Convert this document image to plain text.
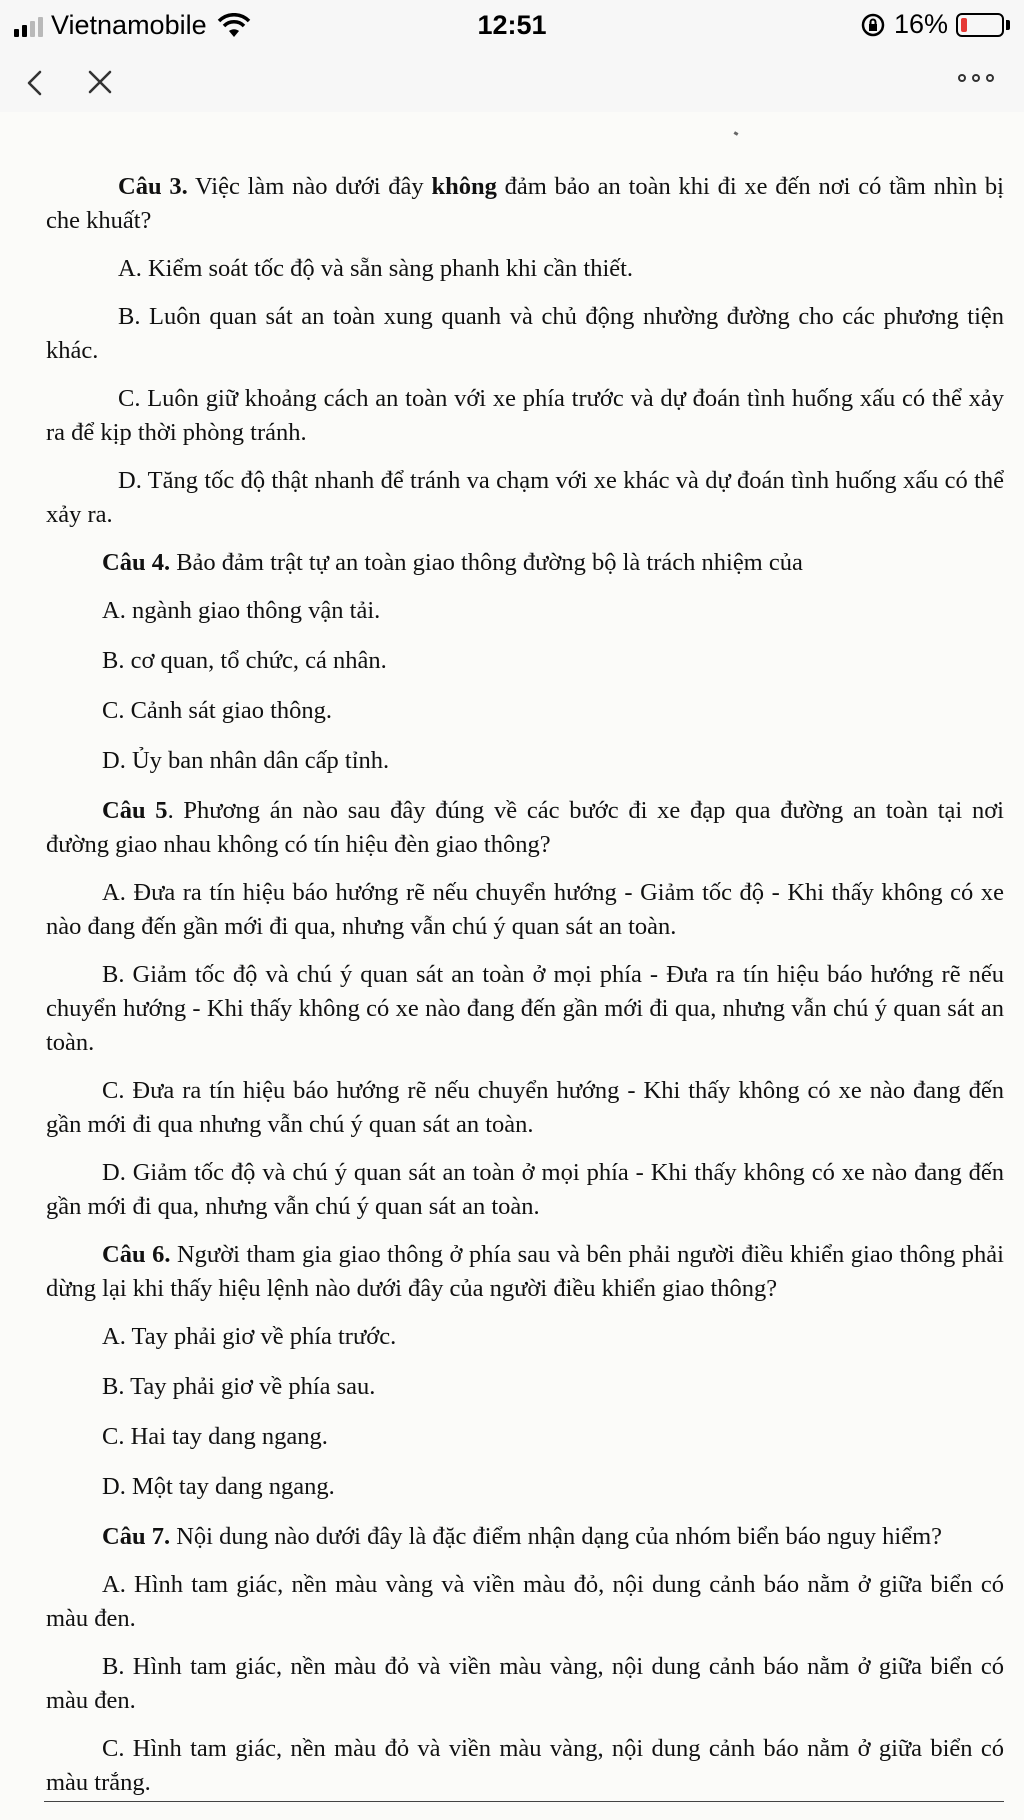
Vietnamobile	12:51	16%

Câu 3. Việc làm nào dưới đây không đảm bảo an toàn khi đi xe đến nơi có tầm nhìn bị che khuất?

A. Kiểm soát tốc độ và sẵn sàng phanh khi cần thiết.

B. Luôn quan sát an toàn xung quanh và chủ động nhường đường cho các phương tiện khác.

C. Luôn giữ khoảng cách an toàn với xe phía trước và dự đoán tình huống xấu có thể xảy ra để kịp thời phòng tránh.

D. Tăng tốc độ thật nhanh để tránh va chạm với xe khác và dự đoán tình huống xấu có thể xảy ra.

Câu 4. Bảo đảm trật tự an toàn giao thông đường bộ là trách nhiệm của

A. ngành giao thông vận tải.

B. cơ quan, tổ chức, cá nhân.

C. Cảnh sát giao thông.

D. Ủy ban nhân dân cấp tỉnh.

Câu 5. Phương án nào sau đây đúng về các bước đi xe đạp qua đường an toàn tại nơi đường giao nhau không có tín hiệu đèn giao thông?

A. Đưa ra tín hiệu báo hướng rẽ nếu chuyển hướng - Giảm tốc độ - Khi thấy không có xe nào đang đến gần mới đi qua, nhưng vẫn chú ý quan sát an toàn.

B. Giảm tốc độ và chú ý quan sát an toàn ở mọi phía - Đưa ra tín hiệu báo hướng rẽ nếu chuyển hướng - Khi thấy không có xe nào đang đến gần mới đi qua, nhưng vẫn chú ý quan sát an toàn.

C. Đưa ra tín hiệu báo hướng rẽ nếu chuyển hướng - Khi thấy không có xe nào đang đến gần mới đi qua nhưng vẫn chú ý quan sát an toàn.

D. Giảm tốc độ và chú ý quan sát an toàn ở mọi phía - Khi thấy không có xe nào đang đến gần mới đi qua, nhưng vẫn chú ý quan sát an toàn.

Câu 6. Người tham gia giao thông ở phía sau và bên phải người điều khiển giao thông phải dừng lại khi thấy hiệu lệnh nào dưới đây của người điều khiển giao thông?

A. Tay phải giơ về phía trước.

B. Tay phải giơ về phía sau.

C. Hai tay dang ngang.

D. Một tay dang ngang.

Câu 7. Nội dung nào dưới đây là đặc điểm nhận dạng của nhóm biển báo nguy hiểm?

A. Hình tam giác, nền màu vàng và viền màu đỏ, nội dung cảnh báo nằm ở giữa biển có màu đen.

B. Hình tam giác, nền màu đỏ và viền màu vàng, nội dung cảnh báo nằm ở giữa biển có màu đen.

C. Hình tam giác, nền màu đỏ và viền màu vàng, nội dung cảnh báo nằm ở giữa biển có màu trắng.
